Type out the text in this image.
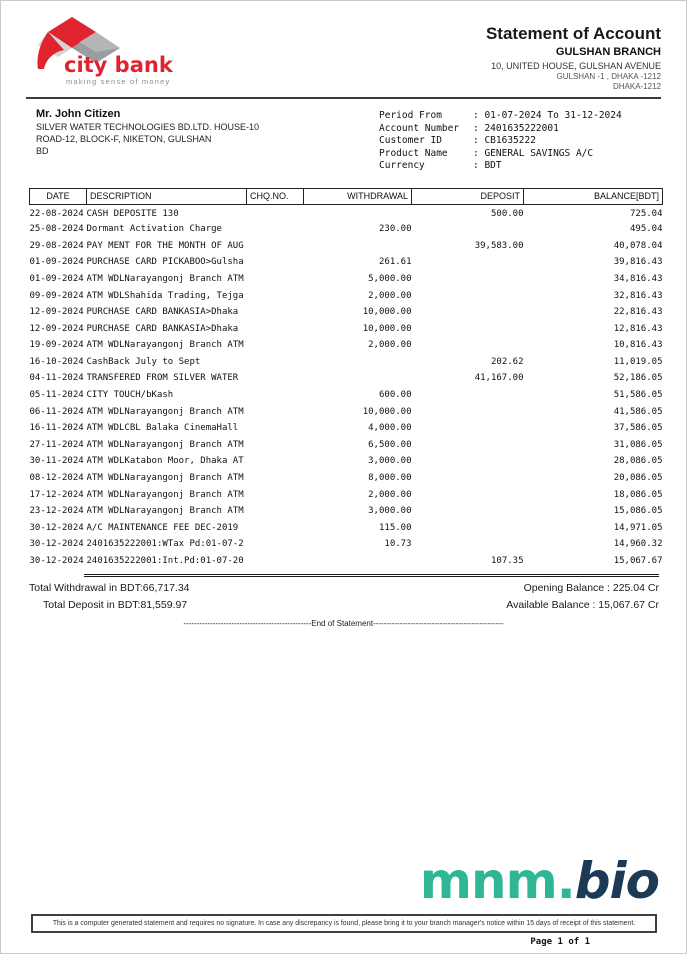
city bank
making sense of money
Statement of Account
GULSHAN BRANCH
10, UNITED HOUSE, GULSHAN AVENUE
GULSHAN -1 , DHAKA -1212
DHAKA-1212
Mr. John Citizen
SILVER WATER TECHNOLOGIES BD.LTD. HOUSE-10
ROAD-12, BLOCK-F, NIKETON, GULSHAN
BD
Period From	: 01-07-2024 To 31-12-2024
Account Number : 2401635222001
Customer ID	: CB1635222
Product Name	: GENERAL SAVINGS A/C
Currency	: BDT
DATE	DESCRIPTION	CHQ.NO.	WITHDRAWAL	DEPOSIT	BALANCE[BDT]
22-08-2024	CASH DEPOSITE 130			500.00	725.04
25-08-2024	Dormant Activation Charge		230.00		495.04
29-08-2024	PAY MENT FOR THE MONTH OF AUG			39,583.00	40,078.04
01-09-2024	PURCHASE CARD PICKABOO>Gulsha		261.61		39,816.43
01-09-2024	ATM WDLNarayangonj Branch ATM		5,000.00		34,816.43
09-09-2024	ATM WDLShahida Trading, Tejga		2,000.00		32,816.43
12-09-2024	PURCHASE CARD BANKASIA>Dhaka		10,000.00		22,816.43
12-09-2024	PURCHASE CARD BANKASIA>Dhaka		10,000.00		12,816.43
19-09-2024	ATM WDLNarayangonj Branch ATM		2,000.00		10,816.43
16-10-2024	CashBack July to Sept			202.62	11,019.05
04-11-2024	TRANSFERED FROM SILVER WATER			41,167.00	52,186.05
05-11-2024	CITY TOUCH/bKash		600.00		51,586.05
06-11-2024	ATM WDLNarayangonj Branch ATM		10,000.00		41,586.05
16-11-2024	ATM WDLCBL Balaka CinemaHall		4,000.00		37,586.05
27-11-2024	ATM WDLNarayangonj Branch ATM		6,500.00		31,086.05
30-11-2024	ATM WDLKatabon Moor, Dhaka AT		3,000.00		28,086.05
08-12-2024	ATM WDLNarayangonj Branch ATM		8,000.00		20,086.05
17-12-2024	ATM WDLNarayangonj Branch ATM		2,000.00		18,086.05
23-12-2024	ATM WDLNarayangonj Branch ATM		3,000.00		15,086.05
30-12-2024	A/C MAINTENANCE FEE DEC-2019		115.00		14,971.05
30-12-2024	2401635222001:WTax Pd:01-07-2		10.73		14,960.32
30-12-2024	2401635222001:Int.Pd:01-07-20			107.35	15,067.67
Total Withdrawal in BDT:66,717.34	Opening Balance : 225.04 Cr
Total Deposit in BDT:81,559.97	Available Balance : 15,067.67 Cr
------------------------------------------------End of Statement-------------------------------------------------
mnm.bio
This is a computer generated statement and requires no signature. In case any discrepancy is found, please bring it to your branch manager's notice within 15 days of receipt of this statement.
Page 1 of 1
